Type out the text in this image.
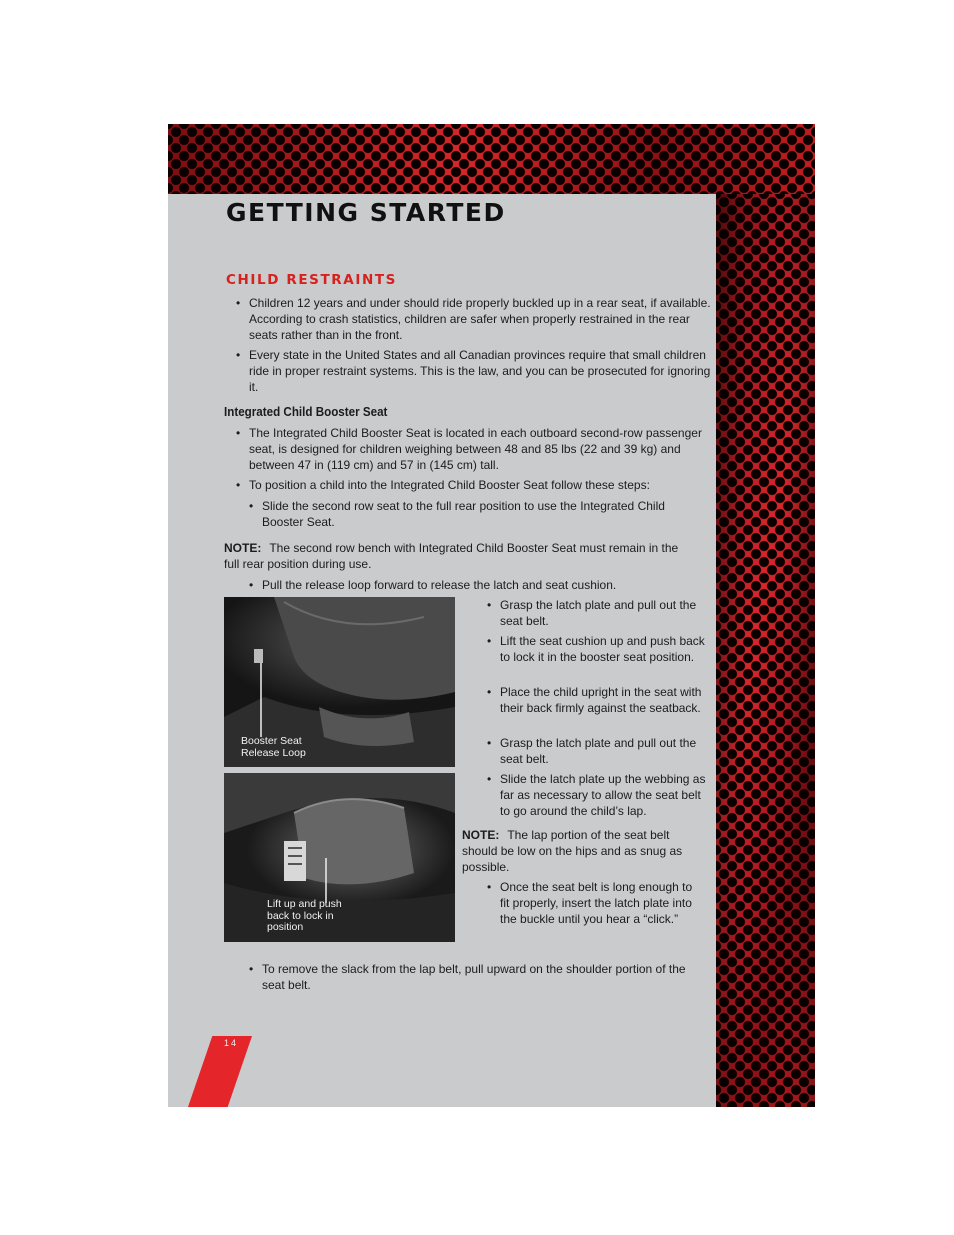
GETTING STARTED
CHILD RESTRAINTS
• Children 12 years and under should ride properly buckled up in a rear seat, if available. According to crash statistics, children are safer when properly restrained in the rear seats rather than in the front.
• Every state in the United States and all Canadian provinces require that small children ride in proper restraint systems. This is the law, and you can be prosecuted for ignoring it.
Integrated Child Booster Seat
• The Integrated Child Booster Seat is located in each outboard second-row passenger seat, is designed for children weighing between 48 and 85 lbs (22 and 39 kg) and between 47 in (119 cm) and 57 in (145 cm) tall.
• To position a child into the Integrated Child Booster Seat follow these steps:
• Slide the second row seat to the full rear position to use the Integrated Child Booster Seat.
NOTE: The second row bench with Integrated Child Booster Seat must remain in the full rear position during use.
• Pull the release loop forward to release the latch and seat cushion.
Booster Seat
Release Loop
Lift up and push
back to lock in
position
• Grasp the latch plate and pull out the seat belt.
• Lift the seat cushion up and push back to lock it in the booster seat position.
• Place the child upright in the seat with their back firmly against the seatback.
• Grasp the latch plate and pull out the seat belt.
• Slide the latch plate up the webbing as far as necessary to allow the seat belt to go around the child’s lap.
NOTE: The lap portion of the seat belt should be low on the hips and as snug as possible.
• Once the seat belt is long enough to fit properly, insert the latch plate into the buckle until you hear a “click.”
• To remove the slack from the lap belt, pull upward on the shoulder portion of the seat belt.
14
